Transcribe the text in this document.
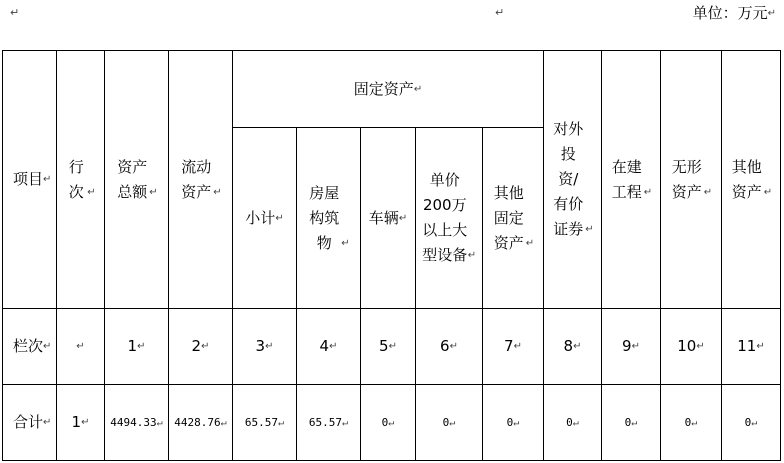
↵	↵	单位：万元↵
项目↵	行次 ↵	资产总额 ↵	流动资产 ↵	固定资产↵					对外投资/有价证券 ↵	在建工程 ↵	无形资产 ↵	其他资产 ↵
				小计↵	房屋构筑物 ↵	车辆↵	单价200万以上大型设备↵	其他固定资产 ↵				
栏次↵	↵	1↵	2↵	3↵	4↵	5↵	6↵	7↵	8↵	9↵	10↵	11↵
合计↵	1↵	4494.33↵	4428.76↵	65.57↵	65.57↵	0↵	0↵	0↵	0↵	0↵	0↵	0↵
